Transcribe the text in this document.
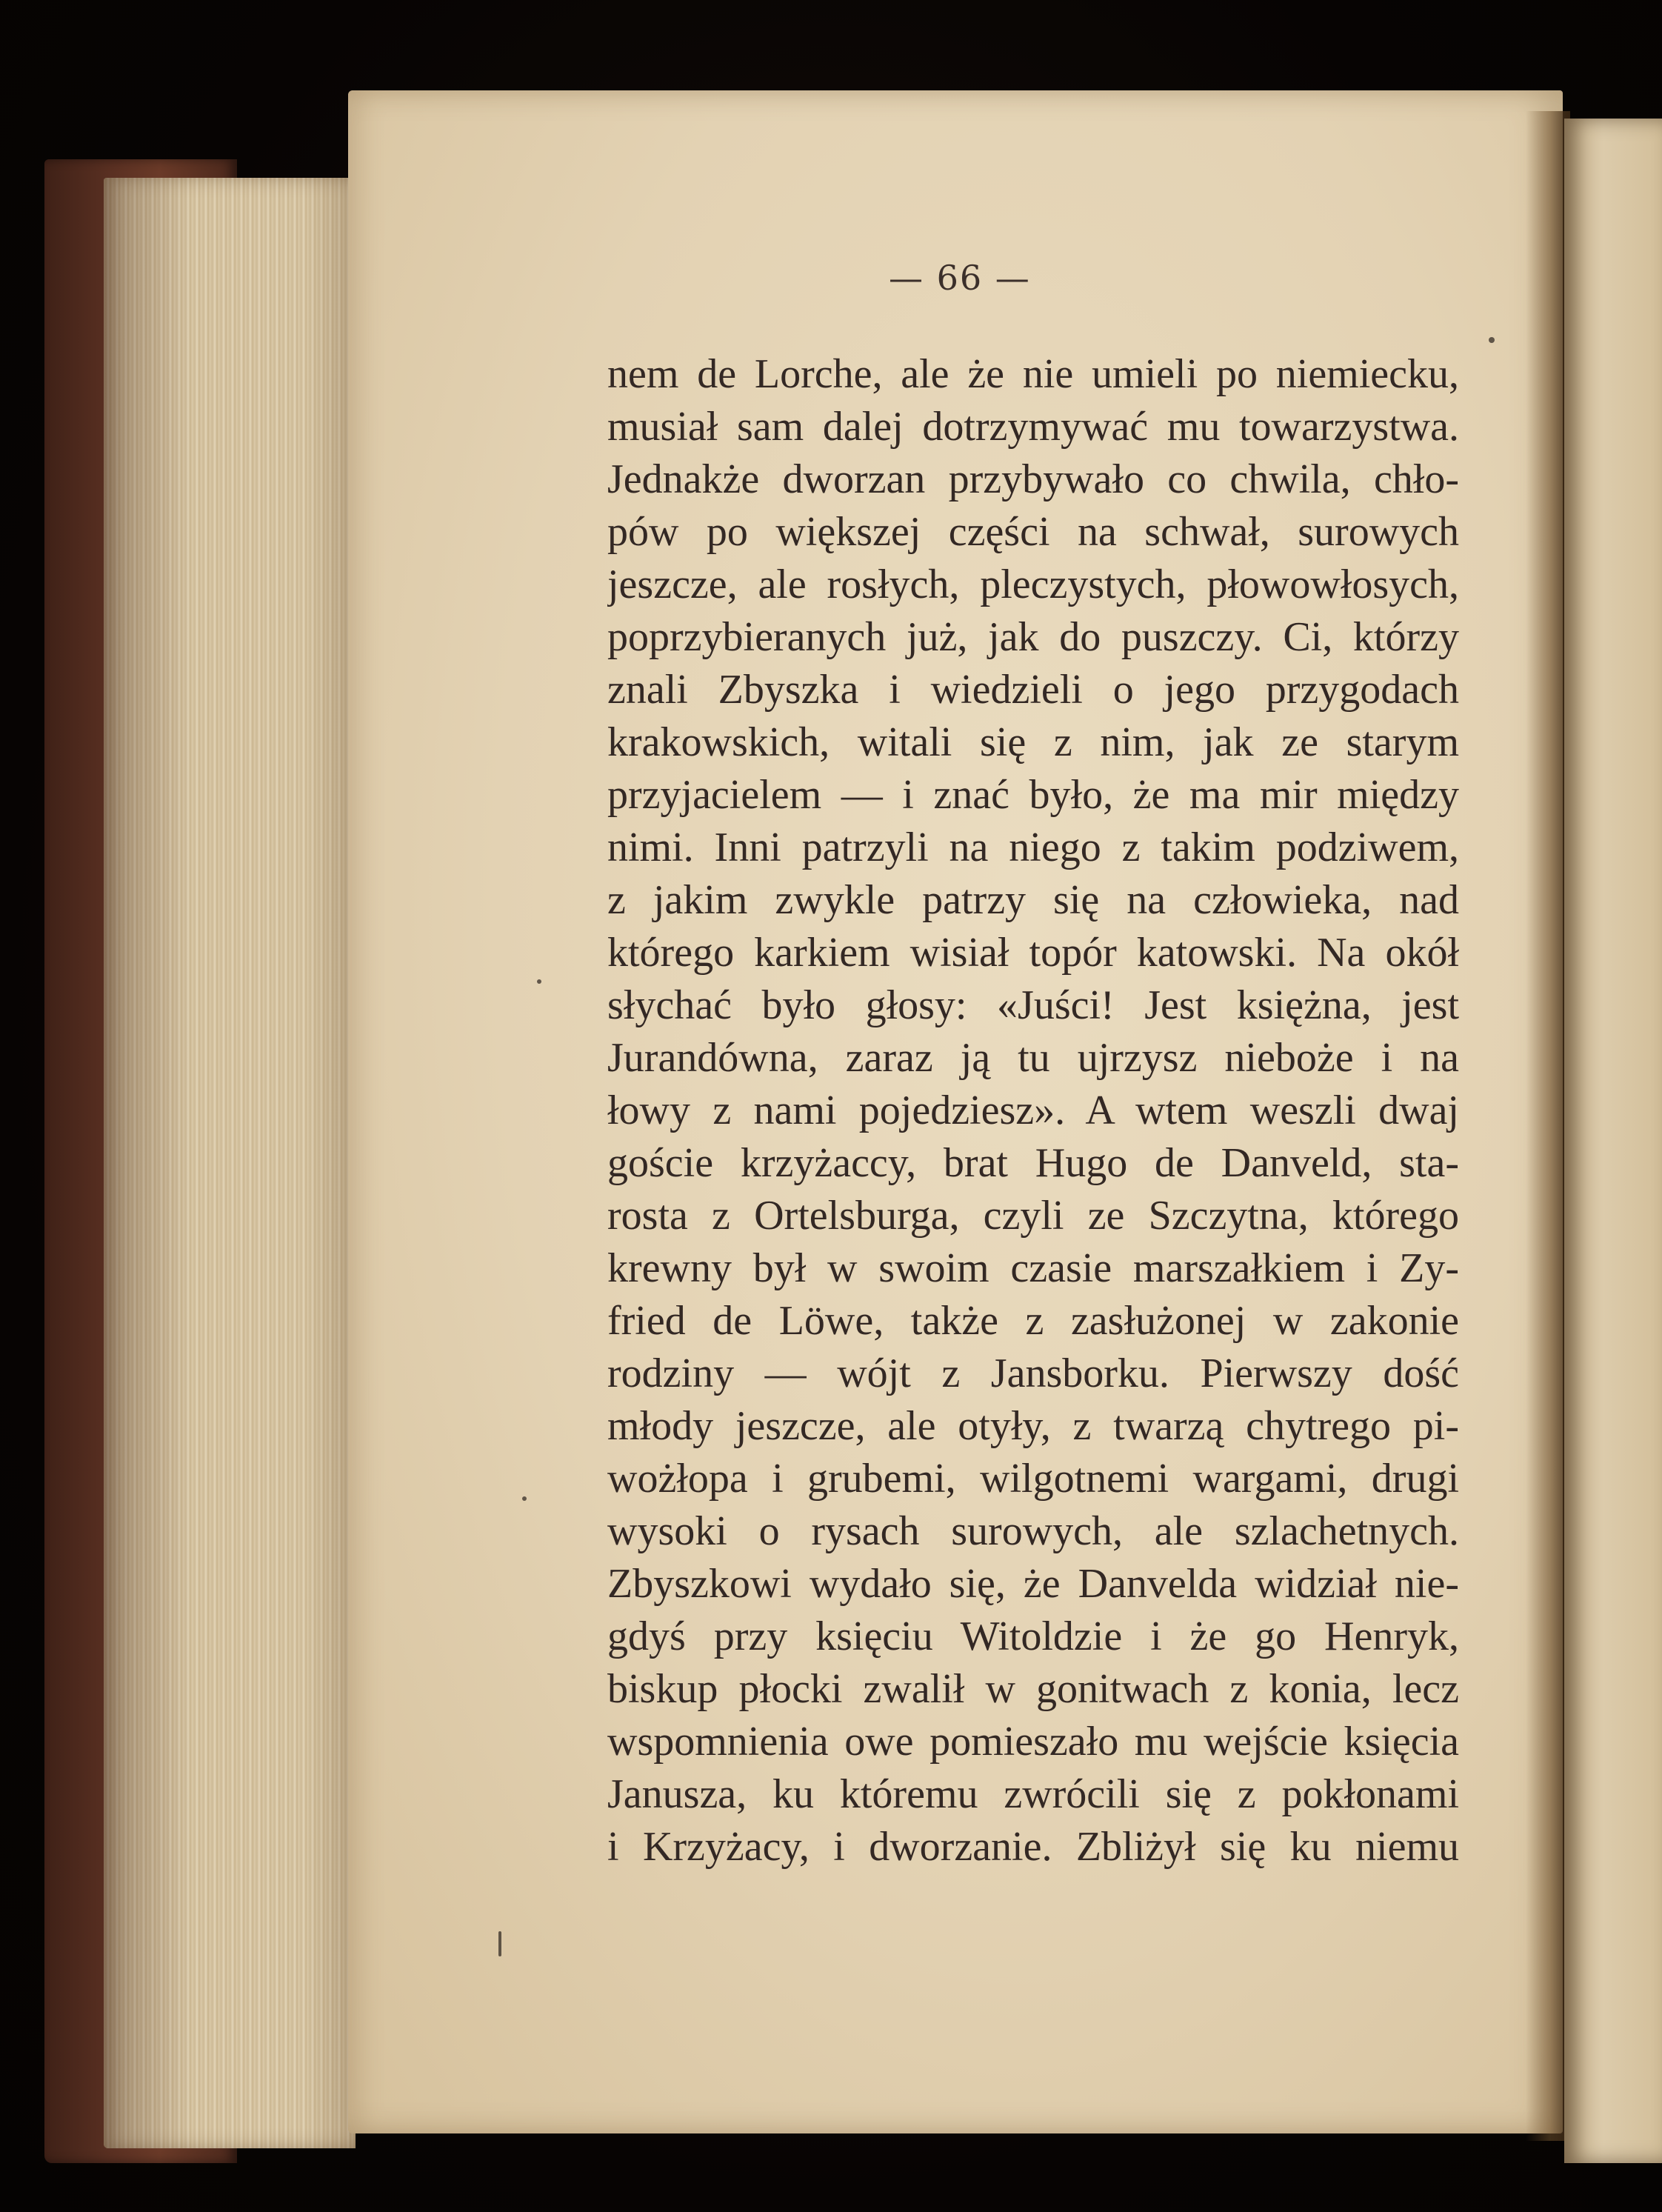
— 66 —
nem de Lorche, ale że nie umieli po niemiecku,
musiał sam dalej dotrzymywać mu towarzystwa.
Jednakże dworzan przybywało co chwila, chło-
pów po większej części na schwał, surowych
jeszcze, ale rosłych, pleczystych, płowowłosych,
poprzybieranych już, jak do puszczy. Ci, którzy
znali Zbyszka i wiedzieli o jego przygodach
krakowskich, witali się z nim, jak ze starym
przyjacielem — i znać było, że ma mir między
nimi. Inni patrzyli na niego z takim podziwem,
z jakim zwykle patrzy się na człowieka, nad
którego karkiem wisiał topór katowski. Na okół
słychać było głosy: «Juści! Jest księżna, jest
Jurandówna, zaraz ją tu ujrzysz nieboże i na
łowy z nami pojedziesz». A wtem weszli dwaj
goście krzyżaccy, brat Hugo de Danveld, sta-
rosta z Ortelsburga, czyli ze Szczytna, którego
krewny był w swoim czasie marszałkiem i Zy-
fried de Löwe, także z zasłużonej w zakonie
rodziny — wójt z Jansborku. Pierwszy dość
młody jeszcze, ale otyły, z twarzą chytrego pi-
wożłopa i grubemi, wilgotnemi wargami, drugi
wysoki o rysach surowych, ale szlachetnych.
Zbyszkowi wydało się, że Danvelda widział nie-
gdyś przy księciu Witoldzie i że go Henryk,
biskup płocki zwalił w gonitwach z konia, lecz
wspomnienia owe pomieszało mu wejście księcia
Janusza, ku któremu zwrócili się z pokłonami
i Krzyżacy, i dworzanie. Zbliżył się ku niemu
